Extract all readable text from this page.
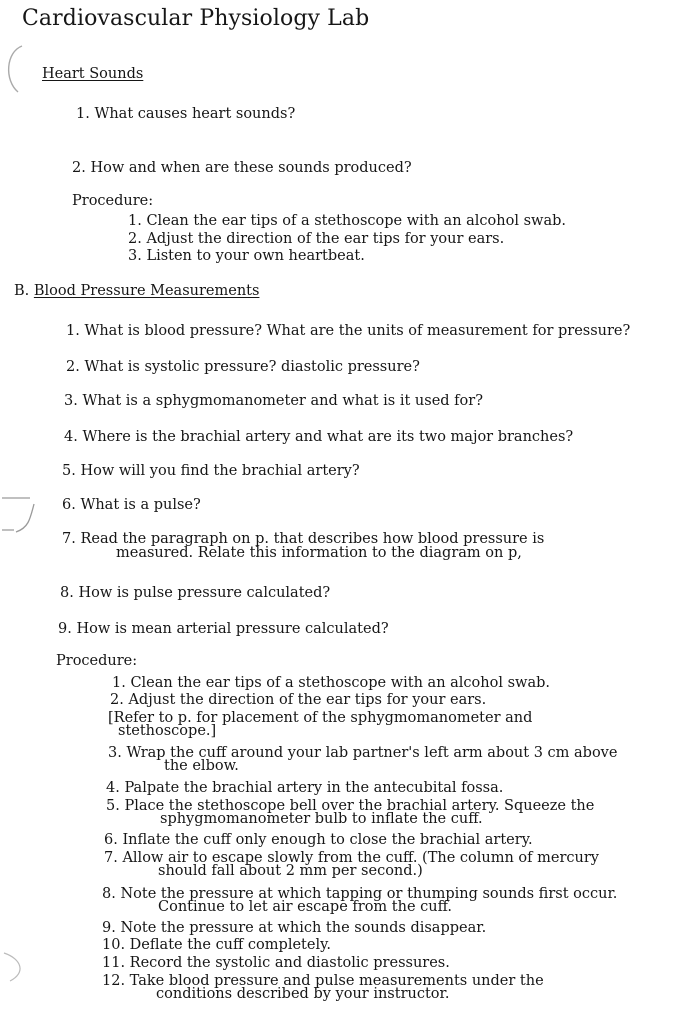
Cardiovascular Physiology Lab
Heart Sounds
1. What causes heart sounds?
2. How and when are these sounds produced?
Procedure:
1. Clean the ear tips of a stethoscope with an alcohol swab.
2. Adjust the direction of the ear tips for your ears.
3. Listen to your own heartbeat.
B. Blood Pressure Measurements
1. What is blood pressure? What are the units of measurement for pressure?
2. What is systolic pressure? diastolic pressure?
3. What is a sphygmomanometer and what is it used for?
4. Where is the brachial artery and what are its two major branches?
5. How will you find the brachial artery?
6. What is a pulse?
7. Read the paragraph on p. that describes how blood pressure is
measured. Relate this information to the diagram on p,
8. How is pulse pressure calculated?
9. How is mean arterial pressure calculated?
Procedure:
1. Clean the ear tips of a stethoscope with an alcohol swab.
2. Adjust the direction of the ear tips for your ears.
[Refer to p. for placement of the sphygmomanometer and
stethoscope.]
3. Wrap the cuff around your lab partner's left arm about 3 cm above
the elbow.
4. Palpate the brachial artery in the antecubital fossa.
5. Place the stethoscope bell over the brachial artery. Squeeze the
sphygmomanometer bulb to inflate the cuff.
6. Inflate the cuff only enough to close the brachial artery.
7. Allow air to escape slowly from the cuff. (The column of mercury
should fall about 2 mm per second.)
8. Note the pressure at which tapping or thumping sounds first occur.
Continue to let air escape from the cuff.
9. Note the pressure at which the sounds disappear.
10. Deflate the cuff completely.
11. Record the systolic and diastolic pressures.
12. Take blood pressure and pulse measurements under the
conditions described by your instructor.
